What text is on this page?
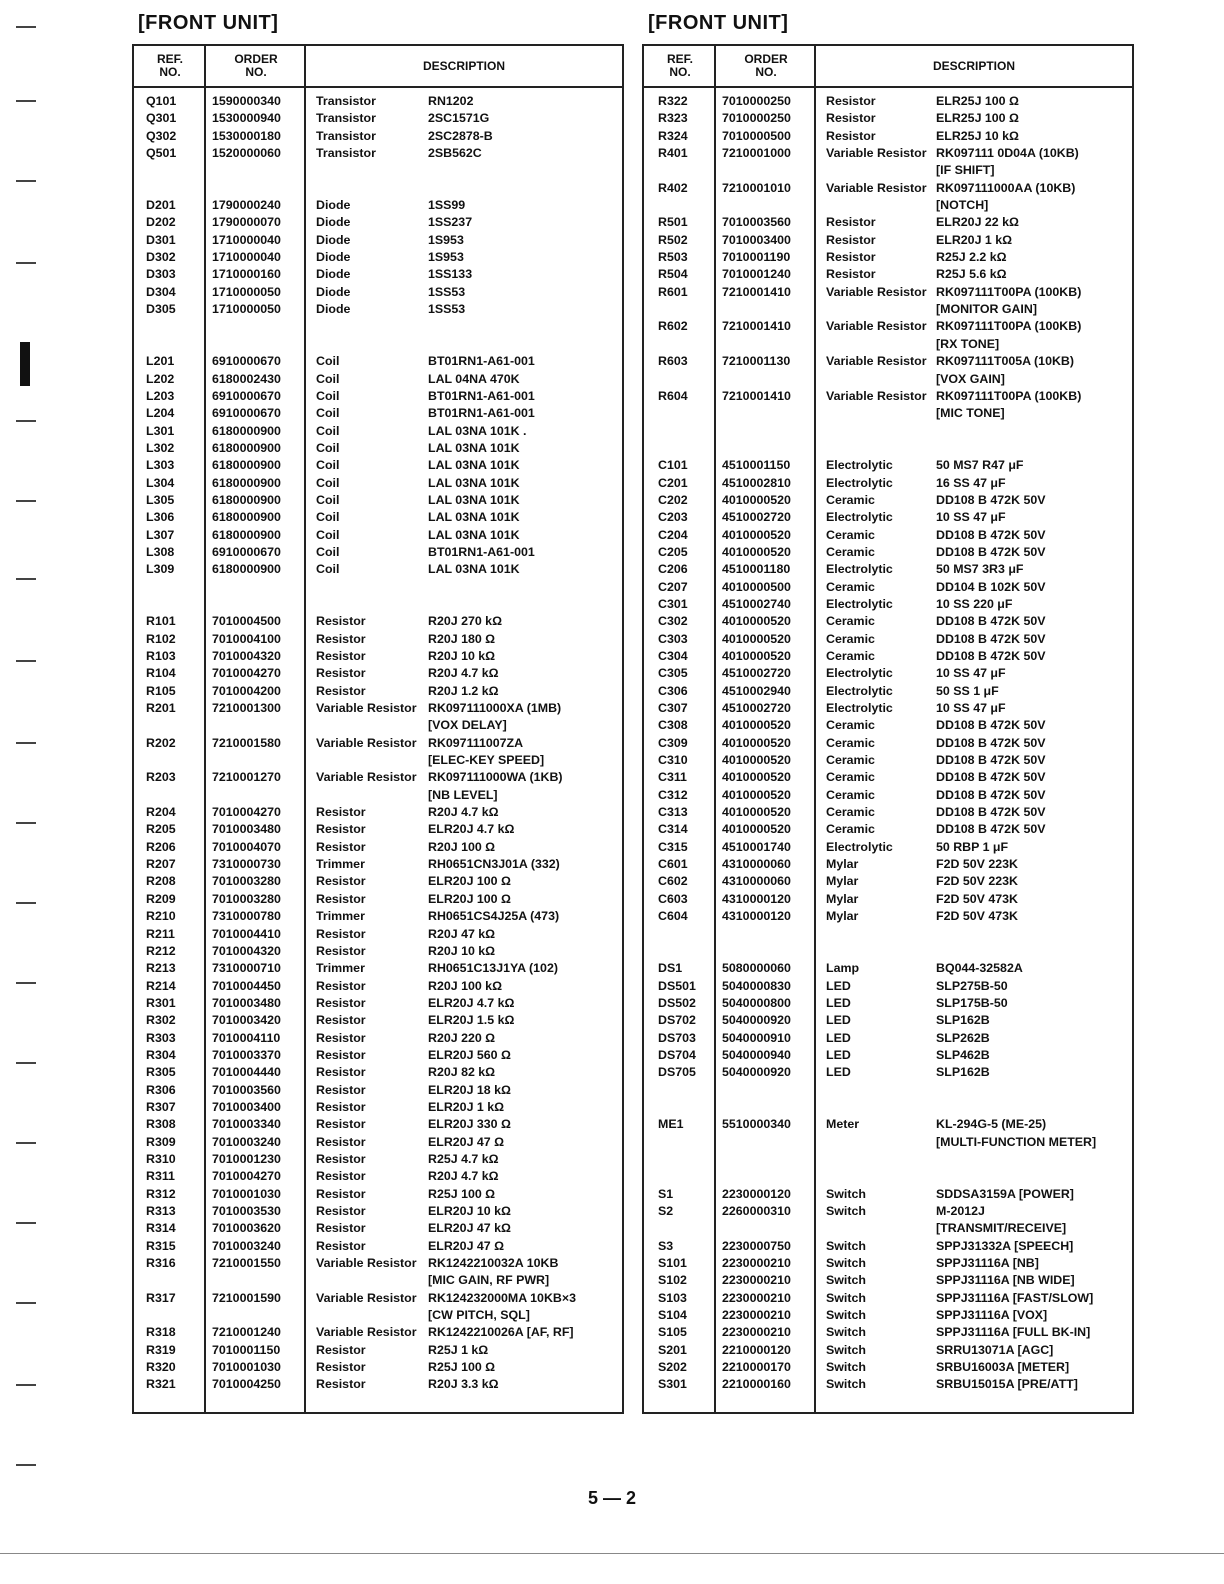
[FRONT UNIT]
REF.
NO.
ORDER
NO.	DESCRIPTION
Q101	1590000340	Transistor	RN1202
Q301	1530000940	Transistor	2SC1571G
Q302	1530000180	Transistor	2SC2878-B
Q501	1520000060	Transistor	2SB562C
D201	1790000240	Diode	1SS99
D202	1790000070	Diode	1SS237
D301	1710000040	Diode	1S953
D302	1710000040	Diode	1S953
D303	1710000160	Diode	1SS133
D304	1710000050	Diode	1SS53
D305	1710000050	Diode	1SS53
L201	6910000670	Coil	BT01RN1-A61-001
L202	6180002430	Coil	LAL 04NA 470K
L203	6910000670	Coil	BT01RN1-A61-001
L204	6910000670	Coil	BT01RN1-A61-001
L301	6180000900	Coil	LAL 03NA 101K .
L302	6180000900	Coil	LAL 03NA 101K
L303	6180000900	Coil	LAL 03NA 101K
L304	6180000900	Coil	LAL 03NA 101K
L305	6180000900	Coil	LAL 03NA 101K
L306	6180000900	Coil	LAL 03NA 101K
L307	6180000900	Coil	LAL 03NA 101K
L308	6910000670	Coil	BT01RN1-A61-001
L309	6180000900	Coil	LAL 03NA 101K
R101	7010004500	Resistor	R20J 270 kΩ
R102	7010004100	Resistor	R20J 180 Ω
R103	7010004320	Resistor	R20J 10 kΩ
R104	7010004270	Resistor	R20J 4.7 kΩ
R105	7010004200	Resistor	R20J 1.2 kΩ
R201	7210001300	Variable Resistor RK097111000XA (1MB)
[VOX DELAY]
R202	7210001580	Variable Resistor RK097111007ZA
[ELEC-KEY SPEED]
R203	7210001270	Variable Resistor RK097111000WA (1KB)
[NB LEVEL]
R204	7010004270	Resistor	R20J 4.7 kΩ
R205	7010003480	Resistor	ELR20J 4.7 kΩ
R206	7010004070	Resistor	R20J 100 Ω
R207	7310000730	Trimmer	RH0651CN3J01A (332)
R208	7010003280	Resistor	ELR20J 100 Ω
R209	7010003280	Resistor	ELR20J 100 Ω
R210	7310000780	Trimmer	RH0651CS4J25A (473)
R211	7010004410	Resistor	R20J 47 kΩ
R212	7010004320	Resistor	R20J 10 kΩ
R213	7310000710	Trimmer	RH0651C13J1YA (102)
R214	7010004450	Resistor	R20J 100 kΩ
R301	7010003480	Resistor	ELR20J 4.7 kΩ
R302	7010003420	Resistor	ELR20J 1.5 kΩ
R303	7010004110	Resistor	R20J 220 Ω
R304	7010003370	Resistor	ELR20J 560 Ω
R305	7010004440	Resistor	R20J 82 kΩ
R306	7010003560	Resistor	ELR20J 18 kΩ
R307	7010003400	Resistor	ELR20J 1 kΩ
R308	7010003340	Resistor	ELR20J 330 Ω
R309	7010003240	Resistor	ELR20J 47 Ω
R310	7010001230	Resistor	R25J 4.7 kΩ
R311	7010004270	Resistor	R20J 4.7 kΩ
R312	7010001030	Resistor	R25J 100 Ω
R313	7010003530	Resistor	ELR20J 10 kΩ
R314	7010003620	Resistor	ELR20J 47 kΩ
R315	7010003240	Resistor	ELR20J 47 Ω
R316	7210001550	Variable Resistor RK1242210032A 10KB
[MIC GAIN, RF PWR]
R317	7210001590	Variable Resistor RK124232000MA 10KB×3
[CW PITCH, SQL]
R318	7210001240	Variable Resistor RK1242210026A [AF, RF]
R319	7010001150	Resistor	R25J 1 kΩ
R320	7010001030	Resistor	R25J 100 Ω
R321	7010004250	Resistor	R20J 3.3 kΩ
[FRONT UNIT]
REF.
NO.
ORDER
NO.	DESCRIPTION
R322	7010000250	Resistor	ELR25J 100 Ω
R323	7010000250	Resistor	ELR25J 100 Ω
R324	7010000500	Resistor	ELR25J 10 kΩ
R401	7210001000	Variable Resistor RK097111 0D04A (10KB)
[IF SHIFT]
R402	7210001010	Variable Resistor RK097111000AA (10KB)
[NOTCH]
R501	7010003560	Resistor	ELR20J 22 kΩ
R502	7010003400	Resistor	ELR20J 1 kΩ
R503	7010001190	Resistor	R25J 2.2 kΩ
R504	7010001240	Resistor	R25J 5.6 kΩ
R601	7210001410	Variable Resistor RK097111T00PA (100KB)
[MONITOR GAIN]
R602	7210001410	Variable Resistor RK097111T00PA (100KB)
[RX TONE]
R603	7210001130	Variable Resistor RK097111T005A (10KB)
[VOX GAIN]
R604	7210001410	Variable Resistor RK097111T00PA (100KB)
[MIC TONE]
C101	4510001150	Electrolytic	50 MS7 R47 μF
C201	4510002810	Electrolytic	16 SS 47 μF
C202	4010000520	Ceramic	DD108 B 472K 50V
C203	4510002720	Electrolytic	10 SS 47 μF
C204	4010000520	Ceramic	DD108 B 472K 50V
C205	4010000520	Ceramic	DD108 B 472K 50V
C206	4510001180	Electrolytic	50 MS7 3R3 μF
C207	4010000500	Ceramic	DD104 B 102K 50V
C301	4510002740	Electrolytic	10 SS 220 μF
C302	4010000520	Ceramic	DD108 B 472K 50V
C303	4010000520	Ceramic	DD108 B 472K 50V
C304	4010000520	Ceramic	DD108 B 472K 50V
C305	4510002720	Electrolytic	10 SS 47 μF
C306	4510002940	Electrolytic	50 SS 1 μF
C307	4510002720	Electrolytic	10 SS 47 μF
C308	4010000520	Ceramic	DD108 B 472K 50V
C309	4010000520	Ceramic	DD108 B 472K 50V
C310	4010000520	Ceramic	DD108 B 472K 50V
C311	4010000520	Ceramic	DD108 B 472K 50V
C312	4010000520	Ceramic	DD108 B 472K 50V
C313	4010000520	Ceramic	DD108 B 472K 50V
C314	4010000520	Ceramic	DD108 B 472K 50V
C315	4510001740	Electrolytic	50 RBP 1 μF
C601	4310000060	Mylar	F2D 50V 223K
C602	4310000060	Mylar	F2D 50V 223K
C603	4310000120	Mylar	F2D 50V 473K
C604	4310000120	Mylar	F2D 50V 473K
DS1	5080000060	Lamp	BQ044-32582A
DS501 5040000830	LED	SLP275B-50
DS502 5040000800	LED	SLP175B-50
DS702 5040000920	LED	SLP162B
DS703 5040000910	LED	SLP262B
DS704 5040000940	LED	SLP462B
DS705 5040000920	LED	SLP162B
ME1	5510000340	Meter	KL-294G-5 (ME-25)
[MULTI-FUNCTION METER]
S1	2230000120	Switch	SDDSA3159A [POWER]
S2	2260000310	Switch	M-2012J
[TRANSMIT/RECEIVE]
S3	2230000750	Switch	SPPJ31332A [SPEECH]
S101	2230000210	Switch	SPPJ31116A [NB]
S102	2230000210	Switch	SPPJ31116A [NB WIDE]
S103	2230000210	Switch	SPPJ31116A [FAST/SLOW]
S104	2230000210	Switch	SPPJ31116A [VOX]
S105	2230000210	Switch	SPPJ31116A [FULL BK-IN]
S201	2210000120	Switch	SRRU13071A [AGC]
S202	2210000170	Switch	SRBU16003A [METER]
S301	2210000160	Switch	SRBU15015A [PRE/ATT]
5 — 2
